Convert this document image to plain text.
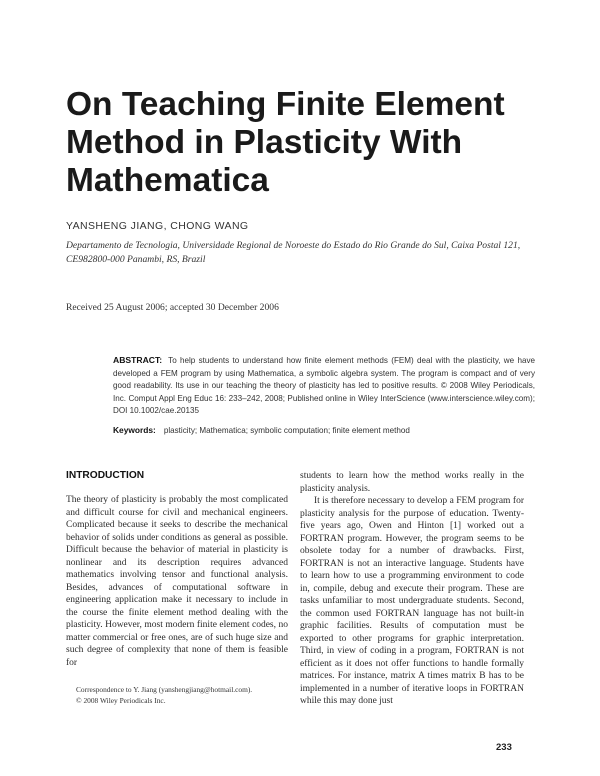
On Teaching Finite Element Method in Plasticity With Mathematica
YANSHENG JIANG, CHONG WANG
Departamento de Tecnologia, Universidade Regional de Noroeste do Estado do Rio Grande do Sul, Caixa Postal 121, CE982800-000 Panambi, RS, Brazil
Received 25 August 2006; accepted 30 December 2006
ABSTRACT: To help students to understand how finite element methods (FEM) deal with the plasticity, we have developed a FEM program by using Mathematica, a symbolic algebra system. The program is compact and of very good readability. Its use in our teaching the theory of plasticity has led to positive results. © 2008 Wiley Periodicals, Inc. Comput Appl Eng Educ 16: 233–242, 2008; Published online in Wiley InterScience (www.interscience.wiley.com); DOI 10.1002/cae.20135
Keywords: plasticity; Mathematica; symbolic computation; finite element method
INTRODUCTION

The theory of plasticity is probably the most complicated and difficult course for civil and mechanical engineers. Complicated because it seeks to describe the mechanical behavior of solids under conditions as general as possible. Difficult because the behavior of material in plasticity is nonlinear and its description requires advanced mathematics involving tensor and functional analysis. Besides, advances of computational software in engineering application make it necessary to include in the course the finite element method dealing with the plasticity. However, most modern finite element codes, no matter commercial or free ones, are of such huge size and such degree of complexity that none of them is feasible for

students to learn how the method works really in the plasticity analysis.

It is therefore necessary to develop a FEM program for plasticity analysis for the purpose of education. Twenty-five years ago, Owen and Hinton [1] worked out a FORTRAN program. However, the program seems to be obsolete today for a number of drawbacks. First, FORTRAN is not an interactive language. Students have to learn how to use a programming environment to code in, compile, debug and execute their program. These are tasks unfamiliar to most undergraduate students. Second, the common used FORTRAN language has not built-in graphic facilities. Results of computation must be exported to other programs for graphic interpretation. Third, in view of coding in a program, FORTRAN is not efficient as it does not offer functions to handle formally matrices. For instance, matrix A times matrix B has to be implemented in a number of iterative loops in FORTRAN while this may done just

Correspondence to Y. Jiang (yanshengjiang@hotmail.com).
© 2008 Wiley Periodicals Inc.
233
